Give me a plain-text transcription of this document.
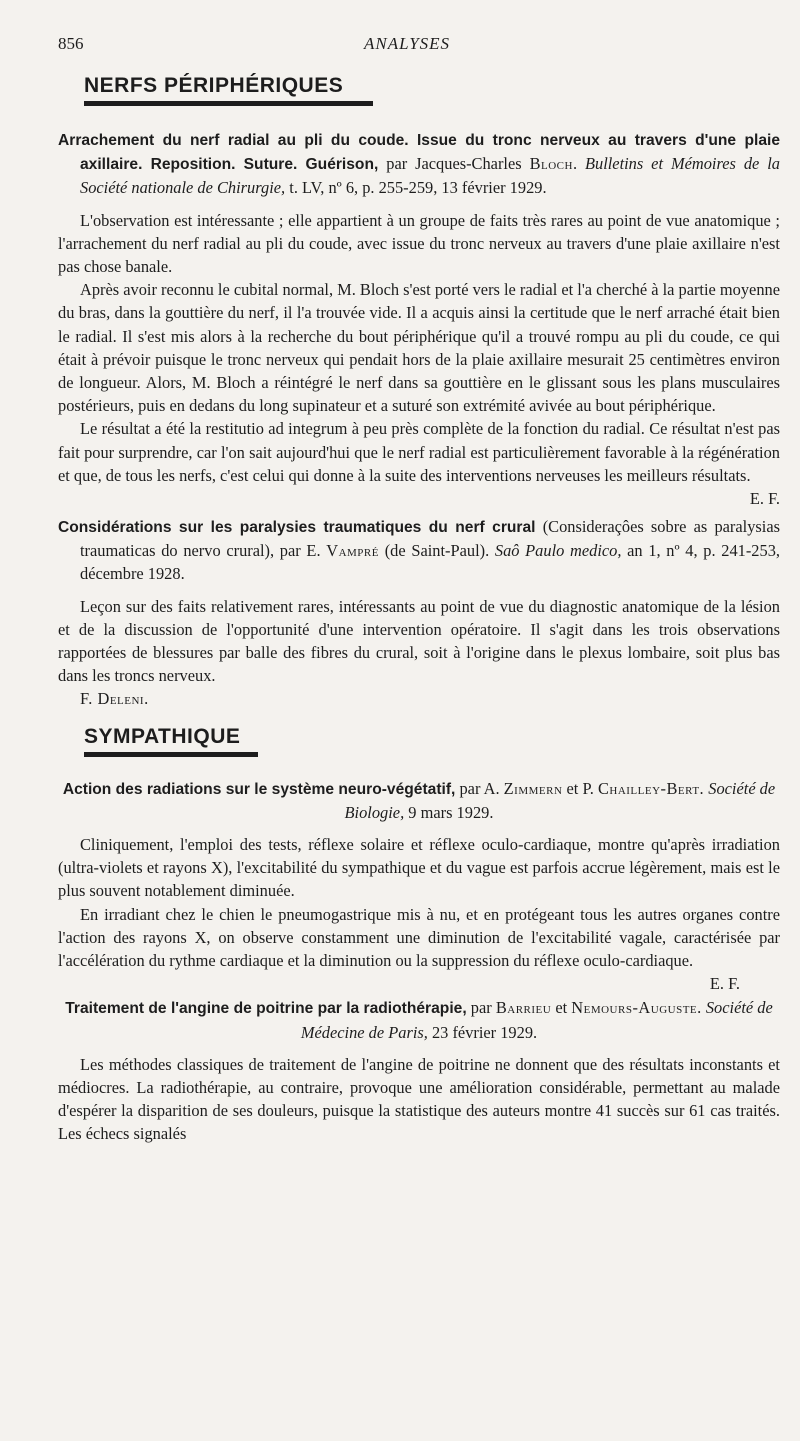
856	ANALYSES
NERFS PÉRIPHÉRIQUES

Arrachement du nerf radial au pli du coude. Issue du tronc nerveux au travers d'une plaie axillaire. Reposition. Suture. Guérison, par Jacques-Charles Bloch. Bulletins et Mémoires de la Société nationale de Chirurgie, t. LV, nº 6, p. 255-259, 13 février 1929.

L'observation est intéressante ; elle appartient à un groupe de faits très rares au point de vue anatomique ; l'arrachement du nerf radial au pli du coude, avec issue du tronc nerveux au travers d'une plaie axillaire n'est pas chose banale.

Après avoir reconnu le cubital normal, M. Bloch s'est porté vers le radial et l'a cherché à la partie moyenne du bras, dans la gouttière du nerf, il l'a trouvée vide. Il a acquis ainsi la certitude que le nerf arraché était bien le radial. Il s'est mis alors à la recherche du bout périphérique qu'il a trouvé rompu au pli du coude, ce qui était à prévoir puisque le tronc nerveux qui pendait hors de la plaie axillaire mesurait 25 centimètres environ de longueur. Alors, M. Bloch a réintégré le nerf dans sa gouttière en le glissant sous les plans musculaires postérieurs, puis en dedans du long supinateur et a suturé son extrémité avivée au bout périphérique.

Le résultat a été la restitutio ad integrum à peu près complète de la fonction du radial. Ce résultat n'est pas fait pour surprendre, car l'on sait aujourd'hui que le nerf radial est particulièrement favorable à la régénération et que, de tous les nerfs, c'est celui qui donne à la suite des interventions nerveuses les meilleurs résultats.
E. F.

Considérations sur les paralysies traumatiques du nerf crural (Consideraçôes sobre as paralysias traumaticas do nervo crural), par E. Vampré (de Saint-Paul). Saô Paulo medico, an 1, nº 4, p. 241-253, décembre 1928.

Leçon sur des faits relativement rares, intéressants au point de vue du diagnostic anatomique de la lésion et de la discussion de l'opportunité d'une intervention opératoire. Il s'agit dans les trois observations rapportées de blessures par balle des fibres du crural, soit à l'origine dans le plexus lombaire, soit plus bas dans les troncs nerveux.

F. Deleni.

SYMPATHIQUE

Action des radiations sur le système neuro-végétatif, par A. Zimmern et P. Chailley-Bert. Société de Biologie, 9 mars 1929.

Cliniquement, l'emploi des tests, réflexe solaire et réflexe oculo-cardiaque, montre qu'après irradiation (ultra-violets et rayons X), l'excitabilité du sympathique et du vague est parfois accrue légèrement, mais est le plus souvent notablement diminuée.

En irradiant chez le chien le pneumogastrique mis à nu, et en protégeant tous les autres organes contre l'action des rayons X, on observe constamment une diminution de l'excitabilité vagale, caractérisée par l'accélération du rythme cardiaque et la diminution ou la suppression du réflexe oculo-cardiaque.
E. F.

Traitement de l'angine de poitrine par la radiothérapie, par Barrieu et Nemours-Auguste. Société de Médecine de Paris, 23 février 1929.

Les méthodes classiques de traitement de l'angine de poitrine ne donnent que des résultats inconstants et médiocres. La radiothérapie, au contraire, provoque une amélioration considérable, permettant au malade d'espérer la disparition de ses douleurs, puisque la statistique des auteurs montre 41 succès sur 61 cas traités. Les échecs signalés
